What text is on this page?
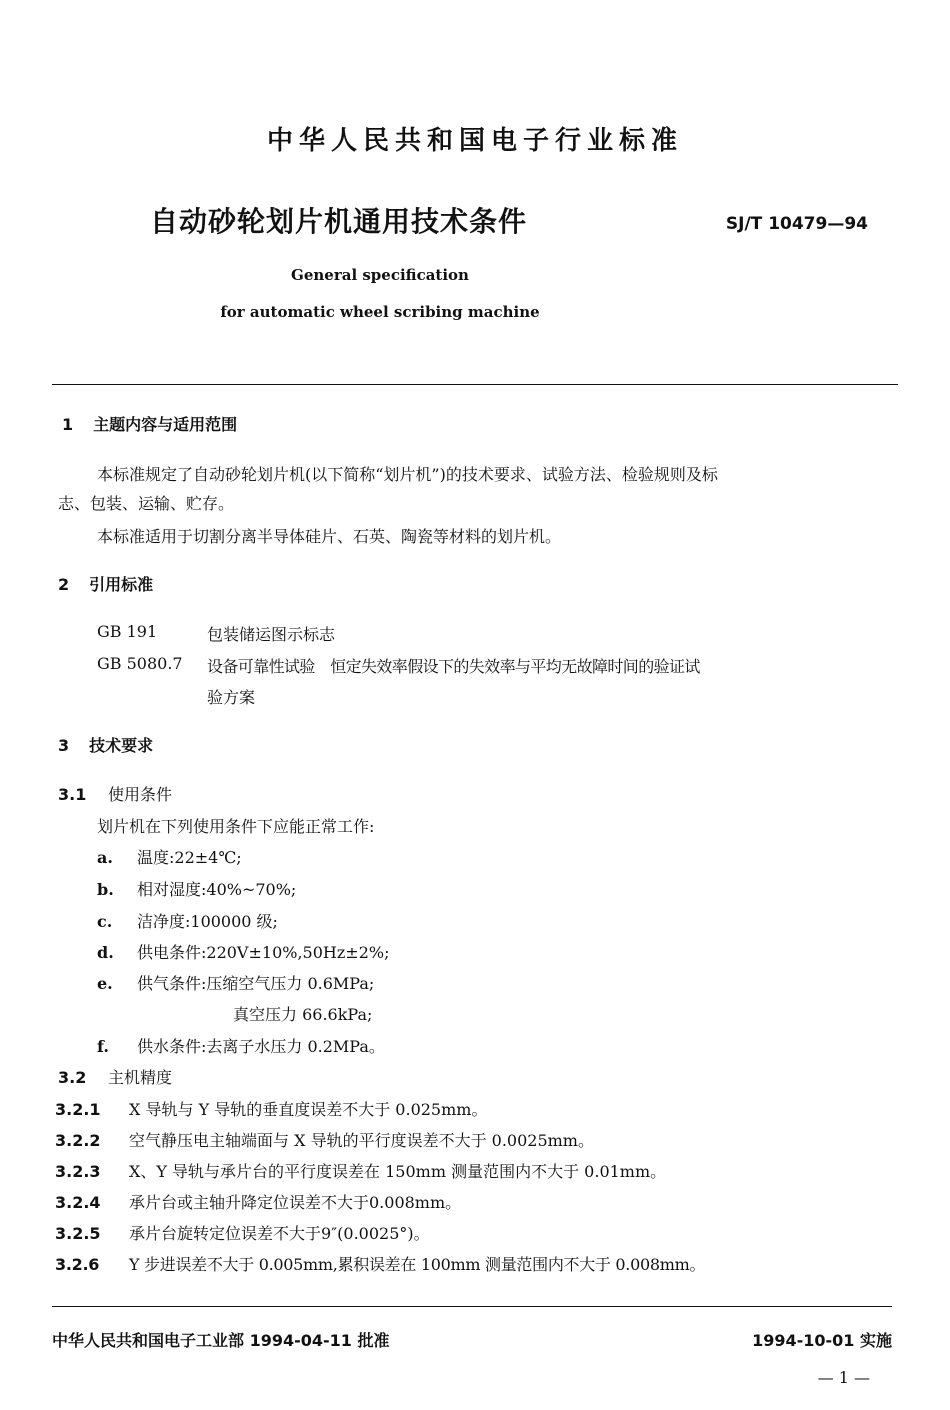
中华人民共和国电子行业标准
自动砂轮划片机通用技术条件	SJ/T 10479—94
General specification
for automatic wheel scribing machine
1 主题内容与适用范围
本标准规定了自动砂轮划片机(以下简称“划片机”)的技术要求、试验方法、检验规则及标
志、包装、运输、贮存。
本标准适用于切割分离半导体硅片、石英、陶瓷等材料的划片机。
2 引用标准
GB 191	包装储运图示标志
GB 5080.7 设备可靠性试验　恒定失效率假设下的失效率与平均无故障时间的验证试
验方案
3 技术要求
3.1 使用条件
划片机在下列使用条件下应能正常工作:
a. 温度:22±4℃;
b. 相对湿度:40%~70%;
c. 洁净度:100000 级;
d. 供电条件:220V±10%,50Hz±2%;
e. 供气条件:压缩空气压力 0.6MPa;
真空压力 66.6kPa;
f. 供水条件:去离子水压力 0.2MPa。
3.2 主机精度
3.2.1 X 导轨与 Y 导轨的垂直度误差不大于 0.025mm。
3.2.2 空气静压电主轴端面与 X 导轨的平行度误差不大于 0.0025mm。
3.2.3 X、Y 导轨与承片台的平行度误差在 150mm 测量范围内不大于 0.01mm。
3.2.4 承片台或主轴升降定位误差不大于0.008mm。
3.2.5 承片台旋转定位误差不大于9″(0.0025°)。
3.2.6 Y 步进误差不大于 0.005mm,累积误差在 100mm 测量范围内不大于 0.008mm。
中华人民共和国电子工业部 1994-04-11 批准	1994-10-01 实施
— 1 —
